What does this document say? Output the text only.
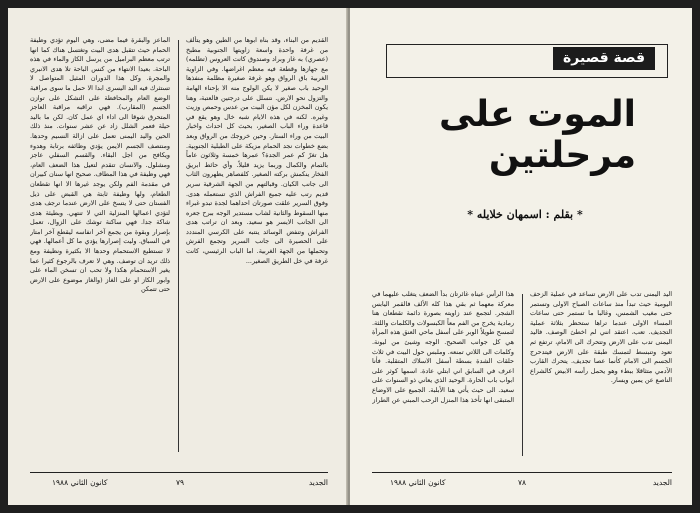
الماعز والبقرة فيما مضى، وهي اليوم تؤدي وظيفة الحمام حيث تتقبل هدى البيت وتغتسل هناك كما انها ترتب معظم البراميل من يرسل الكاز والماء في هذه الباحة. بعيدا الانتهاء من كنس الباحة تلا هدى الانبري والمجرة. وكل هذا الدوران المثيل المتواصل لا تستثرك فيه اليد اليسرى ابدا الا حمل ما سوى مراقبة الوضع العام والمحافظة على التشكل على توازن الجسم (المقارب). فهي تراقبه مراقبة العاجز المتحرق شوقا الى اداء اي عمل كان. لكن ما باليد حيلة فعمر الشلل زاد عن عشر سنوات. منذ ذلك الحين واليد اليمنى تعمل على ازالة النسيم وحدها. ومنتصف الجسم الايمن يؤدي وظائفه برتابة وهدوء ويكافح من اجل البقاء. والقسم السفلي عاجز ومشلول. والانسان تتقدم لتعيل هذا الضعف العام، فهي وظيفة في هذا المطاف. صحيح انها سنان كبيران في مقدمة الفم ولكن يوجد غيرها الا انها تقطعان الطعام، ولها وظيفة ثابتة هي القبض على ذيل الفستان حتى لا يتسخ على الارض عندما ترجف هدى لتؤدي اعمالها المنزلية التي لا تنتهي. وبطيئة هدى شاكة جدا. فهي ساكنة توشك على الزوال، تعمل بإصرار وبقوة من يجمع آخر انفاسه ليقطع آخر امتار في السباق. وليت إصرارها يؤدي ما كل أعمالها. فهي لا تستطيع الاستحمام وحدها الا بكثيرة ونظيفة ومع ذلك تريد ان توصف. وهي لا تعرف بالرجوع كثيرا عما يغير الاستحمام هكذا ولا تحب ان تسخن الماء على وابور الكاز او على الغاز (والغاز موضوع على الارض حتى تتمكن

القديم من البناء، وقد بناه ابوها من الطين وهو يتألف من غرفة واحدة واسعة زاويتها الجنوبية مطبخ (عصري) به غاز وبراد وصندوق كانت العروس (تظلمه) مع جهازها وقطعة فيه معظم اغراضها. وفي الزاوية الغربية باق الرواق وهو غرفة صغيرة مظلمة منفذها الوحيد باب صغير لا يكن الولوج منه الا بإحناء الهامة والتزول نحو الارض. نتسلل على درجتين فالعتبة، وهنا يكون المخزن لكل مؤن البيت من عدس وحمص وزيت وغيره. لكنه في هذه الايام شبه خال وهو يقع في قاعدة وراء الباب الصغير، بحيث كل احداث واخبار البيت من وراء الستار. وحين خروجك من الرواق وبعد بضع خطوات نجد الحمام مزيكة على الطبلية الجنوبية. هل تغرّ كم عمر الجدة؟ عمرها خمسة وثلاثون عاماً بالتمام والكمال وربما يزيد قليلاً. وأي حائط ابريق الفخار ينكمش بركته الصغير. كلفصاهر يظهرون الثاب الى جانب الكيان. وقبالتهم من الجهة الشرقية سرير قديم رتب عليه جميع الفراش الذي تستعمله هدى. وفوق السرير علقت صورتان احداهما لجدة تبدو غبراء منها السقوط والثانية لشاب مستدير الوجه ببرح جعره الى الجانب الايسر هو سعيد. وبعد ان تراتب هدى الفراش وتنفض الوسائد ينتبه على الكرسي المنددد على الحصيرة الى جانب السرير وتجمع الفرش وتحملها من الجهة الغربية. اما الباب الرئيسي، كانت غرفة في خل الطريق الصغير...

كانون الثاني ١٩٨٨	٧٩	الجديد
قصة قصيرة
الموت على مرحلتين
* بقلم : اسمهان خلايله *

هذا الرأس عيناه غائرتان بدأ الضعف يتغلب عليهما في معركة معهما ثم بقي هذا كله الألف فالقمر اليابس الشجر. لتجمع عند زاويته بصورة دائمة تقطعان هنا رمادية يخرج من الفم معاً الكبسولات والكلمات واللثة. لتمسح طويلاً الوبر على أسفل ماحي العنق هذه المرأة هي كل جوانب الصحيح. الوجه وشيئ من ليونة. وكلمات الى اللاتي تمنعه. وملبس حول البيت في ثلاث حلقات الشدة بسطة أسفل الاسلاك المتقلبة. فأنا اعرف في السابق اني ابتلي عادة. اسمها كوثر على ابواب باب الحارة. الوحيد الذي يعاني ذو السنوات على سعيد. الى حيث يأتي هنا الأبلبة. الجميع على الاوضاع المتبقى انها تأخذ هذا المنزل الرحب المبني عن الطراز

اليد اليمنى تدب على الارض تساعد في عملية الزحف اليومية حيث تبدأ منذ ساعات الصباح الاولى وتستمر حتى مغيب الشمس، وغالبا ما تستمر حتى ساعات المساء الاولى عندما تراها ستحظر بثلاثة عملية التجديف. تعب، اعتقد انني لم اخطئ الوصف. فاليد اليمنى تدب على الارض وتتحرك الى الامام، ترتفع ثم تعود وتنبسط لتمسك طبقة على الارض فيتدحرج الجسم الى الامام كأنما عصا تجديف. يتحرك القارب الآدمي متثاقلا ببطء وهو يحمل رأسه الابيض كالشراع الناصع عن يمين ويسار.

كانون الثاني ١٩٨٨	٧٨	الجديد
